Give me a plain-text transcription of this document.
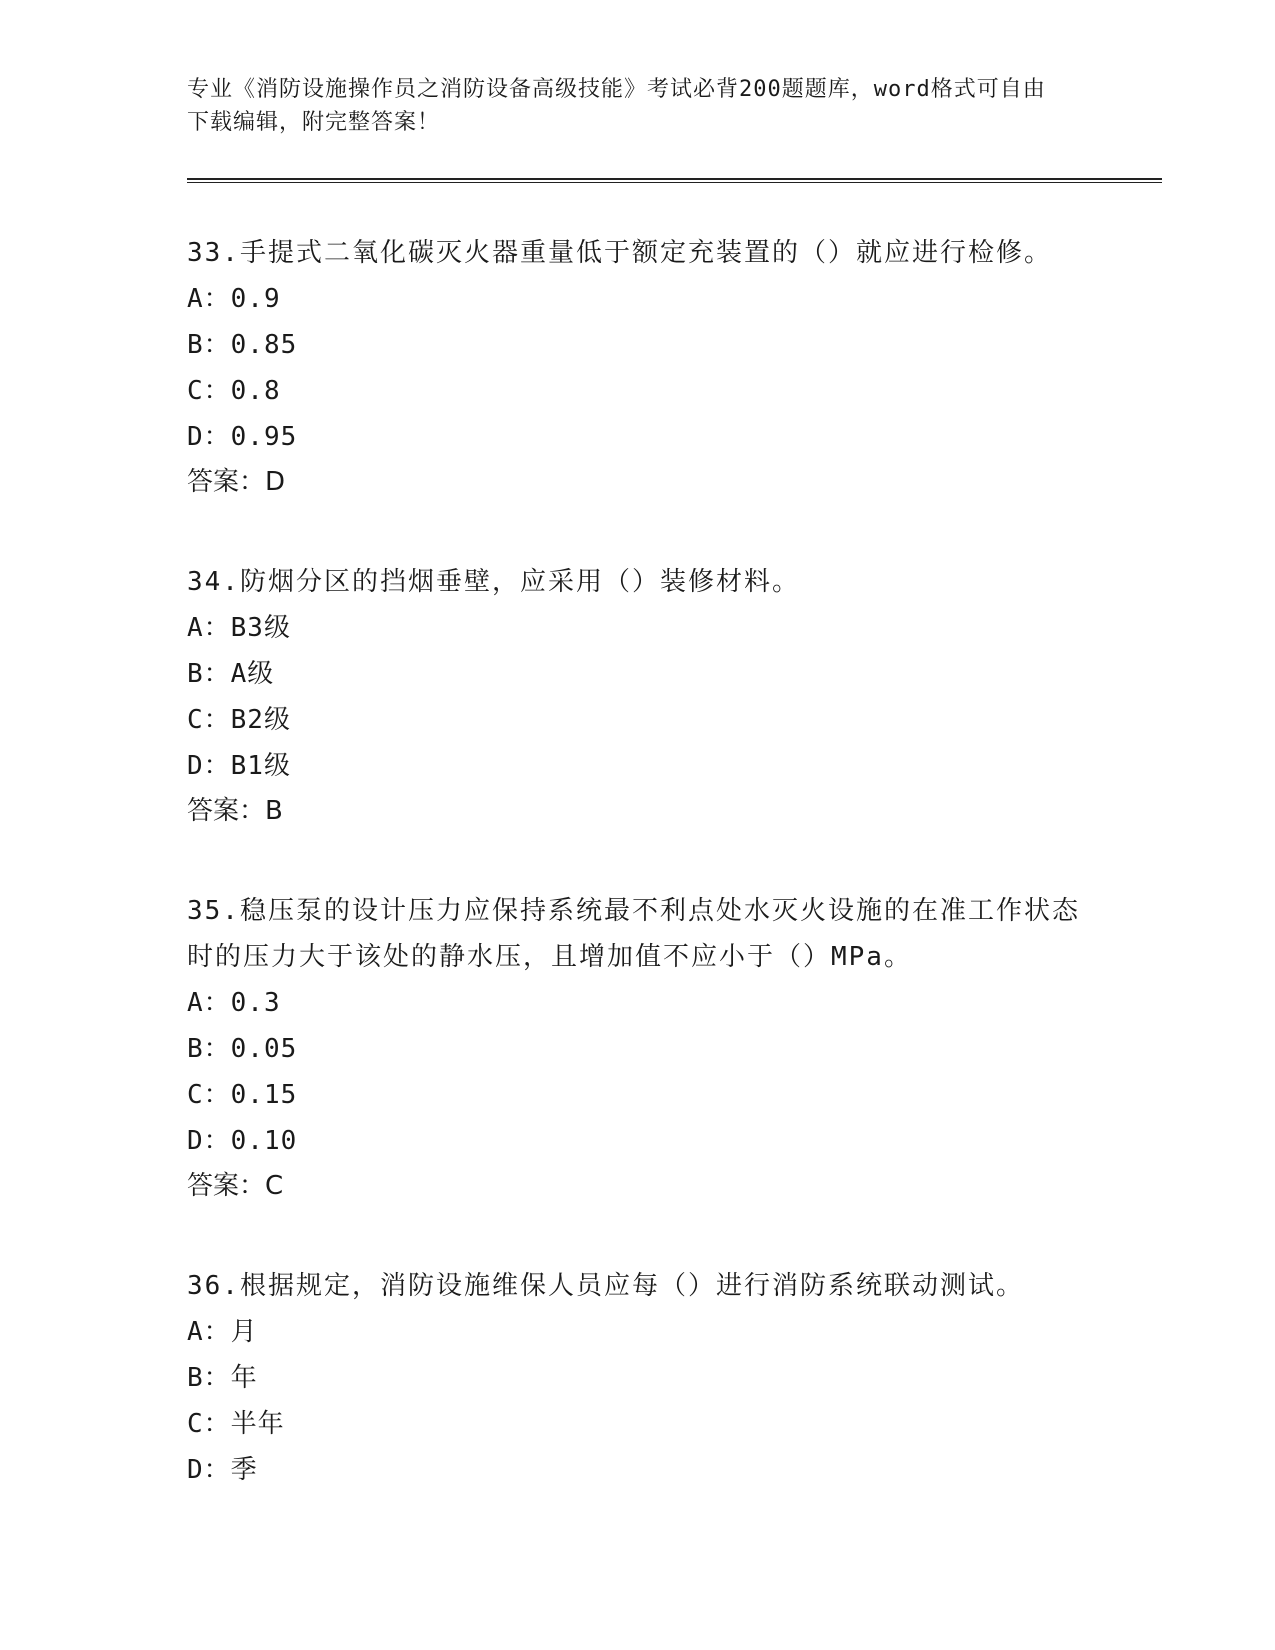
专业《消防设施操作员之消防设备高级技能》考试必背200题题库，word格式可自由下载编辑，附完整答案！

33.手提式二氧化碳灭火器重量低于额定充装置的（）就应进行检修。

A：0.9

B：0.85

C：0.8

D：0.95

答案：D

34.防烟分区的挡烟垂壁，应采用（）装修材料。

A：B3级

B：A级

C：B2级

D：B1级

答案：B

35.稳压泵的设计压力应保持系统最不利点处水灭火设施的在准工作状态时的压力大于该处的静水压，且增加值不应小于（）MPa。

A：0.3

B：0.05

C：0.15

D：0.10

答案：C

36.根据规定，消防设施维保人员应每（）进行消防系统联动测试。

A：月

B：年

C：半年

D：季
